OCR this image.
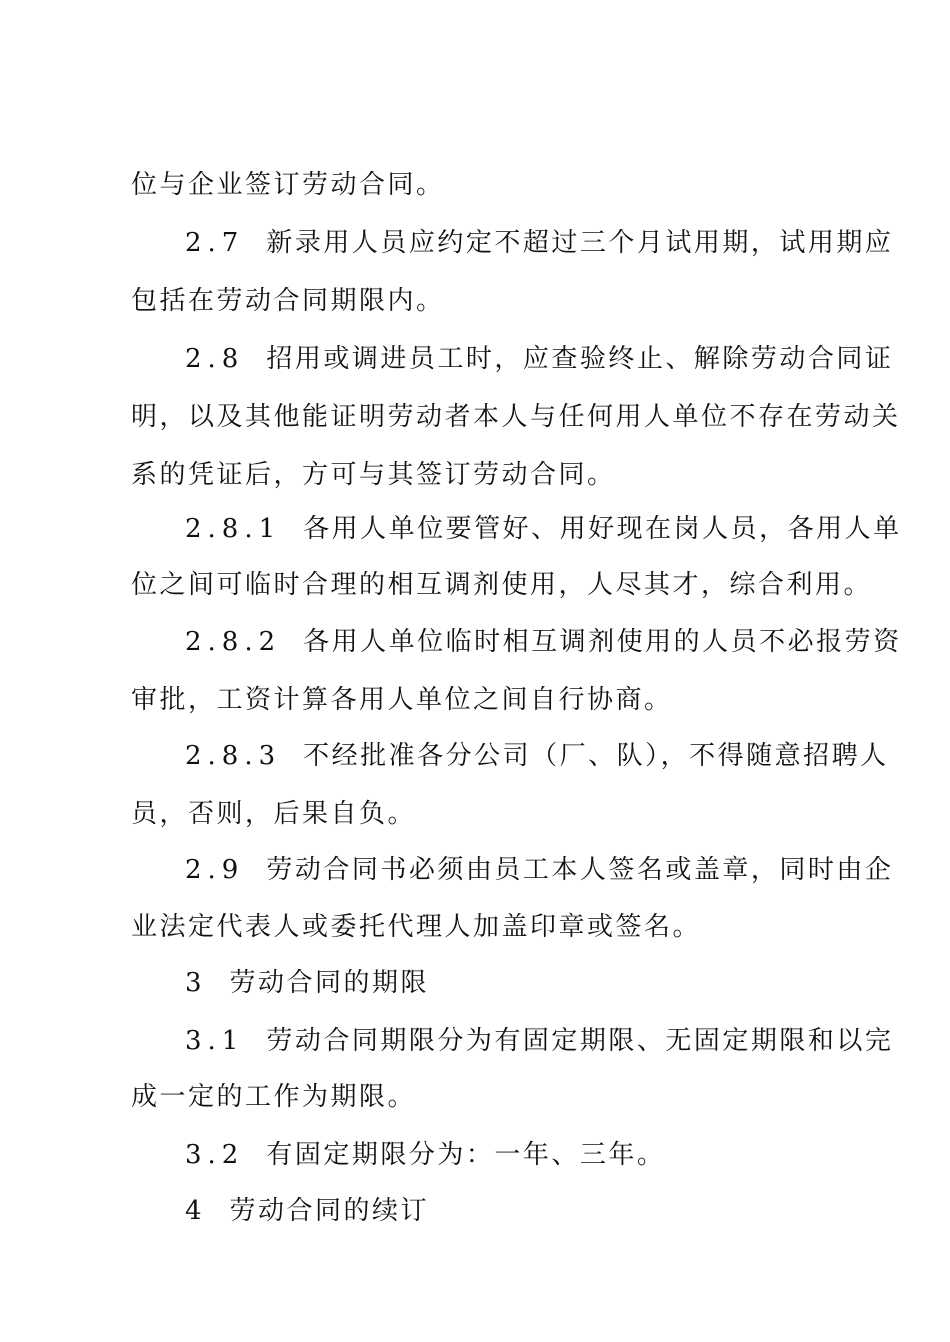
位与企业签订劳动合同。
2.7 新录用人员应约定不超过三个月试用期，试用期应
包括在劳动合同期限内。
2.8 招用或调进员工时，应查验终止、解除劳动合同证
明，以及其他能证明劳动者本人与任何用人单位不存在劳动关
系的凭证后，方可与其签订劳动合同。
2.8.1 各用人单位要管好、用好现在岗人员，各用人单
位之间可临时合理的相互调剂使用，人尽其才，综合利用。
2.8.2 各用人单位临时相互调剂使用的人员不必报劳资
审批，工资计算各用人单位之间自行协商。
2.8.3 不经批准各分公司（厂、队），不得随意招聘人
员，否则，后果自负。
2.9 劳动合同书必须由员工本人签名或盖章，同时由企
业法定代表人或委托代理人加盖印章或签名。
3 劳动合同的期限
3.1 劳动合同期限分为有固定期限、无固定期限和以完
成一定的工作为期限。
3.2 有固定期限分为：一年、三年。
4 劳动合同的续订
